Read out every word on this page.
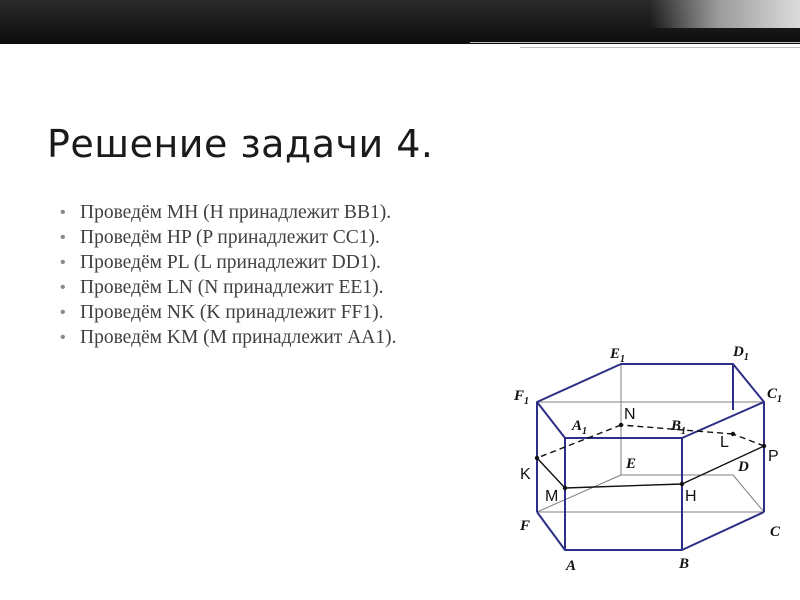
Решение задачи 4.
• Проведём MH (H принадлежит BB1).
• Проведём HP (P принадлежит CC1).
• Проведём PL (L принадлежит DD1).
• Проведём LN (N принадлежит EE1).
• Проведём NK (K принадлежит FF1).
• Проведём KM (M принадлежит AA1).
$E_1$	$D_1$
$F_1$	$C_1$
$A_1$	$B_1$
E	D
F	C
A	B
N
L
P
K
M	H
